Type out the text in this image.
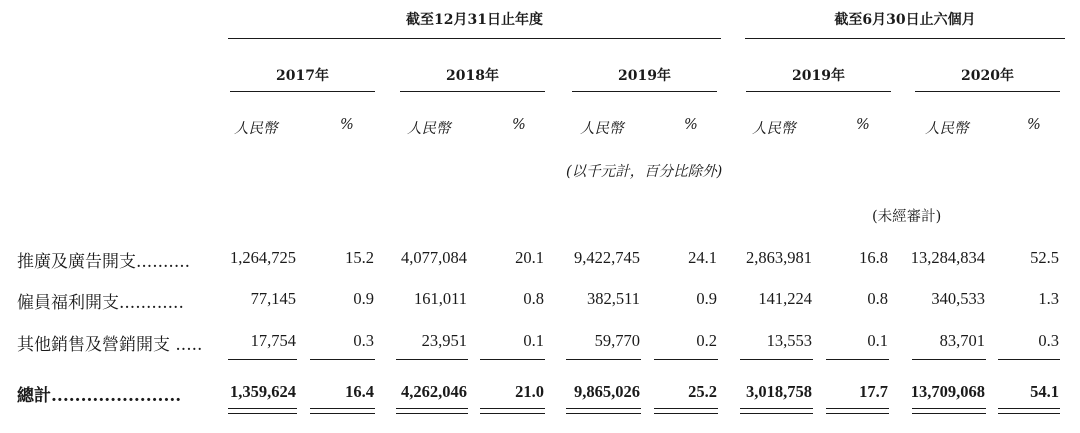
截至12月31日止年度	截至6月30日止六個月
2017年	2018年	2019年	2019年	2020年
人民幣	%	人民幣	%	人民幣	%	人民幣	%	人民幣	%
(以千元計，百分比除外)
(未經審計)
推廣及廣告開支..........	1,264,725	15.2	4,077,084	20.1	9,422,745	24.1	2,863,981	16.8	13,284,834	52.5
僱員福利開支............	77,145	0.9	161,011	0.8	382,511	0.9	141,224	0.8	340,533	1.3
其他銷售及營銷開支 .....	17,754	0.3	23,951	0.1	59,770	0.2	13,553	0.1	83,701	0.3
總計......................	1,359,624	16.4	4,262,046	21.0	9,865,026	25.2	3,018,758	17.7	13,709,068	54.1
